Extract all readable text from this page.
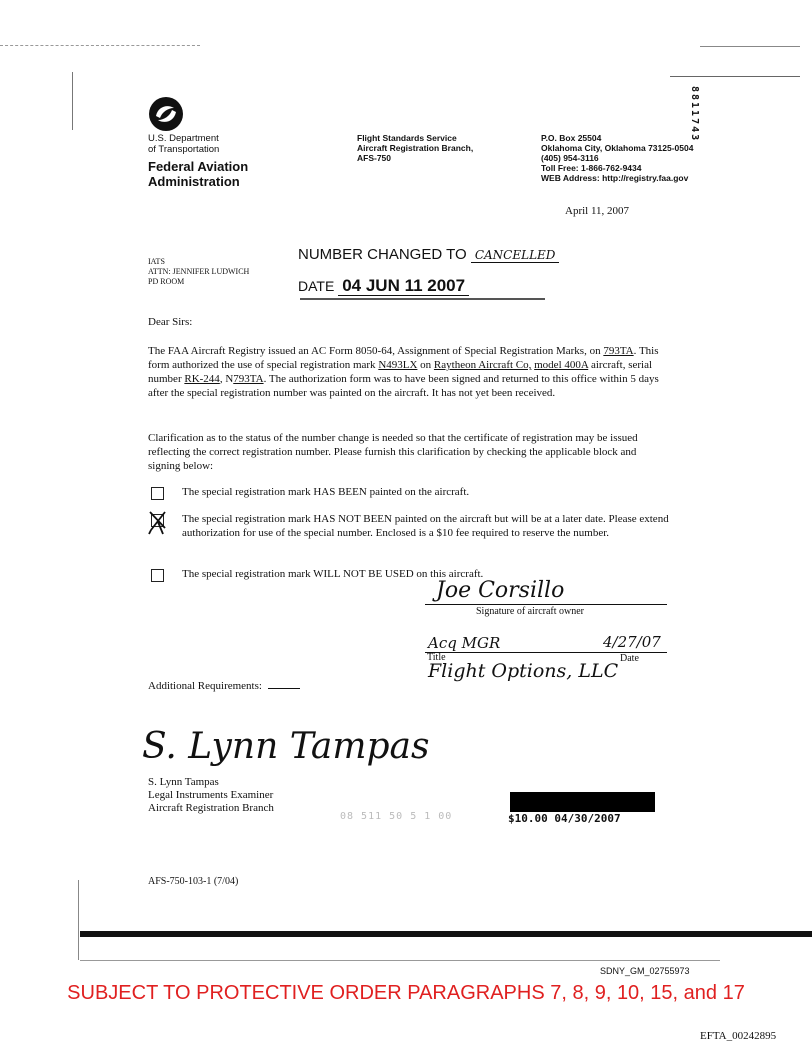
8811743
U.S. Department
of Transportation
Federal Aviation
Administration
Flight Standards Service
Aircraft Registration Branch,
AFS-750
P.O. Box 25504
Oklahoma City, Oklahoma 73125-0504
(405) 954-3116
Toll Free: 1-866-762-9434
WEB Address: http://registry.faa.gov
April 11, 2007
IATS
ATTN: JENNIFER LUDWICH
PD ROOM
NUMBER CHANGED TO CANCELLED
DATE 04 JUN 11 2007
Dear Sirs:
The FAA Aircraft Registry issued an AC Form 8050-64, Assignment of Special Registration Marks, on 793TA. This form authorized the use of special registration mark N493LX on Raytheon Aircraft Co, model 400A aircraft, serial number RK-244, N793TA. The authorization form was to have been signed and returned to this office within 5 days after the special registration number was painted on the aircraft. It has not yet been received.
Clarification as to the status of the number change is needed so that the certificate of registration may be issued reflecting the correct registration number. Please furnish this clarification by checking the applicable block and signing below:
The special registration mark HAS BEEN painted on the aircraft.
The special registration mark HAS NOT BEEN painted on the aircraft but will be at a later date. Please extend authorization for use of the special number. Enclosed is a $10 fee required to reserve the number.
The special registration mark WILL NOT BE USED on this aircraft.
Joe Corsillo
Signature of aircraft owner
Acq MGR	4/27/07
Title	Date
Flight Options, LLC
Additional Requirements:
S. Lynn Tampas
S. Lynn Tampas
Legal Instruments Examiner
Aircraft Registration Branch
08 511 50 5 1 00	$10.00 04/30/2007
AFS-750-103-1 (7/04)
SDNY_GM_02755973
SUBJECT TO PROTECTIVE ORDER PARAGRAPHS 7, 8, 9, 10, 15, and 17
EFTA_00242895
